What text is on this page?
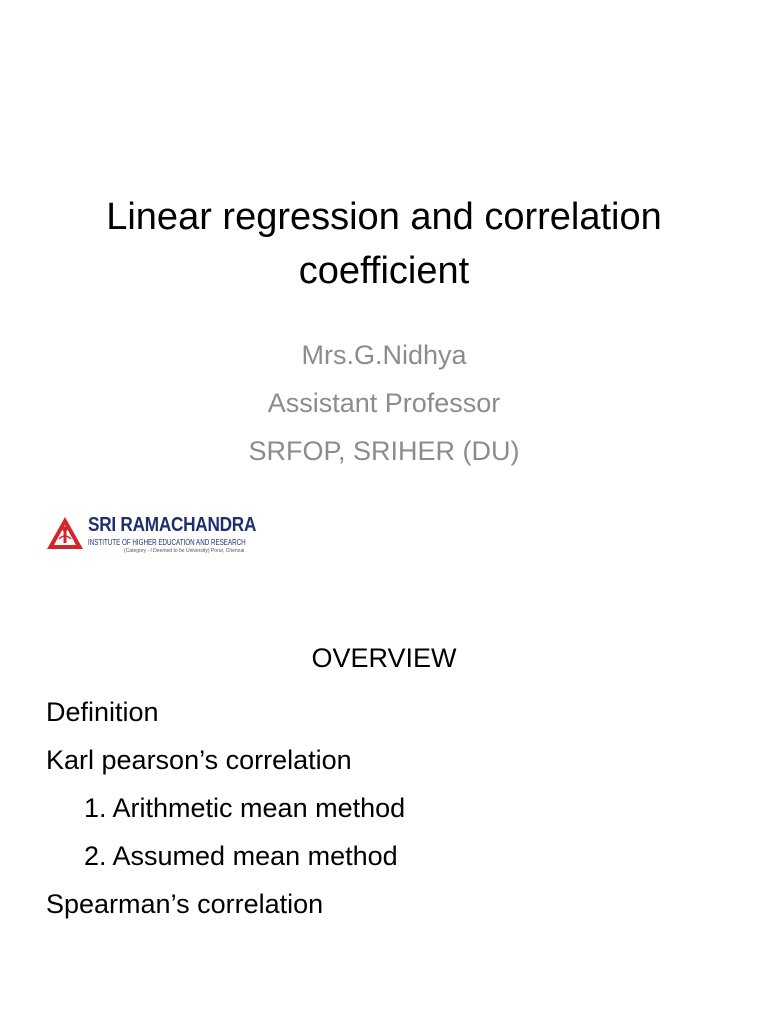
Linear regression and correlation
coefficient
Mrs.G.Nidhya
Assistant Professor
SRFOP, SRIHER (DU)
SRI RAMACHANDRA
INSTITUTE OF HIGHER EDUCATION AND RESEARCH
(Category - I Deemed to be University) Porur, Chennai
OVERVIEW
Definition
Karl pearson’s correlation
1. Arithmetic mean method
2. Assumed mean method
Spearman’s correlation
